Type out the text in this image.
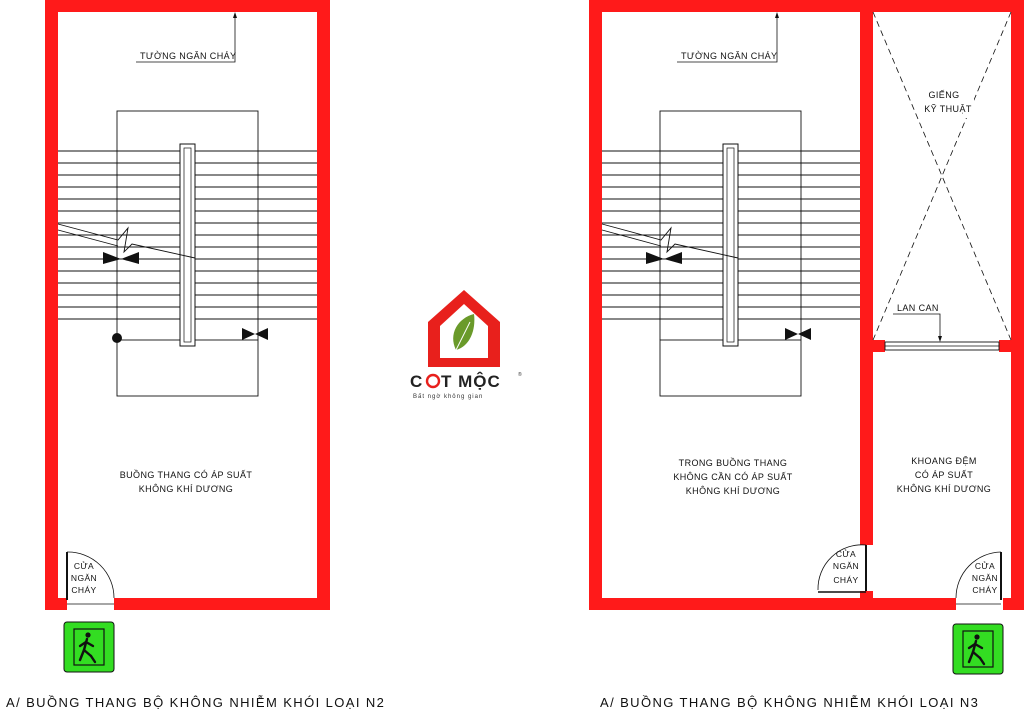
TƯỜNG NGĂN CHÁY
BUỒNG THANG CÓ ÁP SUẤT
KHÔNG KHÍ DƯƠNG
CỬA
NGĂN
CHÁY
A/ BUỒNG THANG BỘ KHÔNG NHIỄM KHÓI LOẠI N2
C T MỘC	®
Bất ngờ không gian
TƯỜNG NGĂN CHÁY
GIẾNG
KỸ THUẬT
LAN CAN
TRONG BUỒNG THANG
KHÔNG CẦN CÓ ÁP SUẤT
KHÔNG KHÍ DƯƠNG
KHOANG ĐỆM
CÓ ÁP SUẤT
KHÔNG KHÍ DƯƠNG
CỬA
NGĂN
CHÁY
CỬA
NGĂN
CHÁY
A/ BUỒNG THANG BỘ KHÔNG NHIỄM KHÓI LOẠI N3
